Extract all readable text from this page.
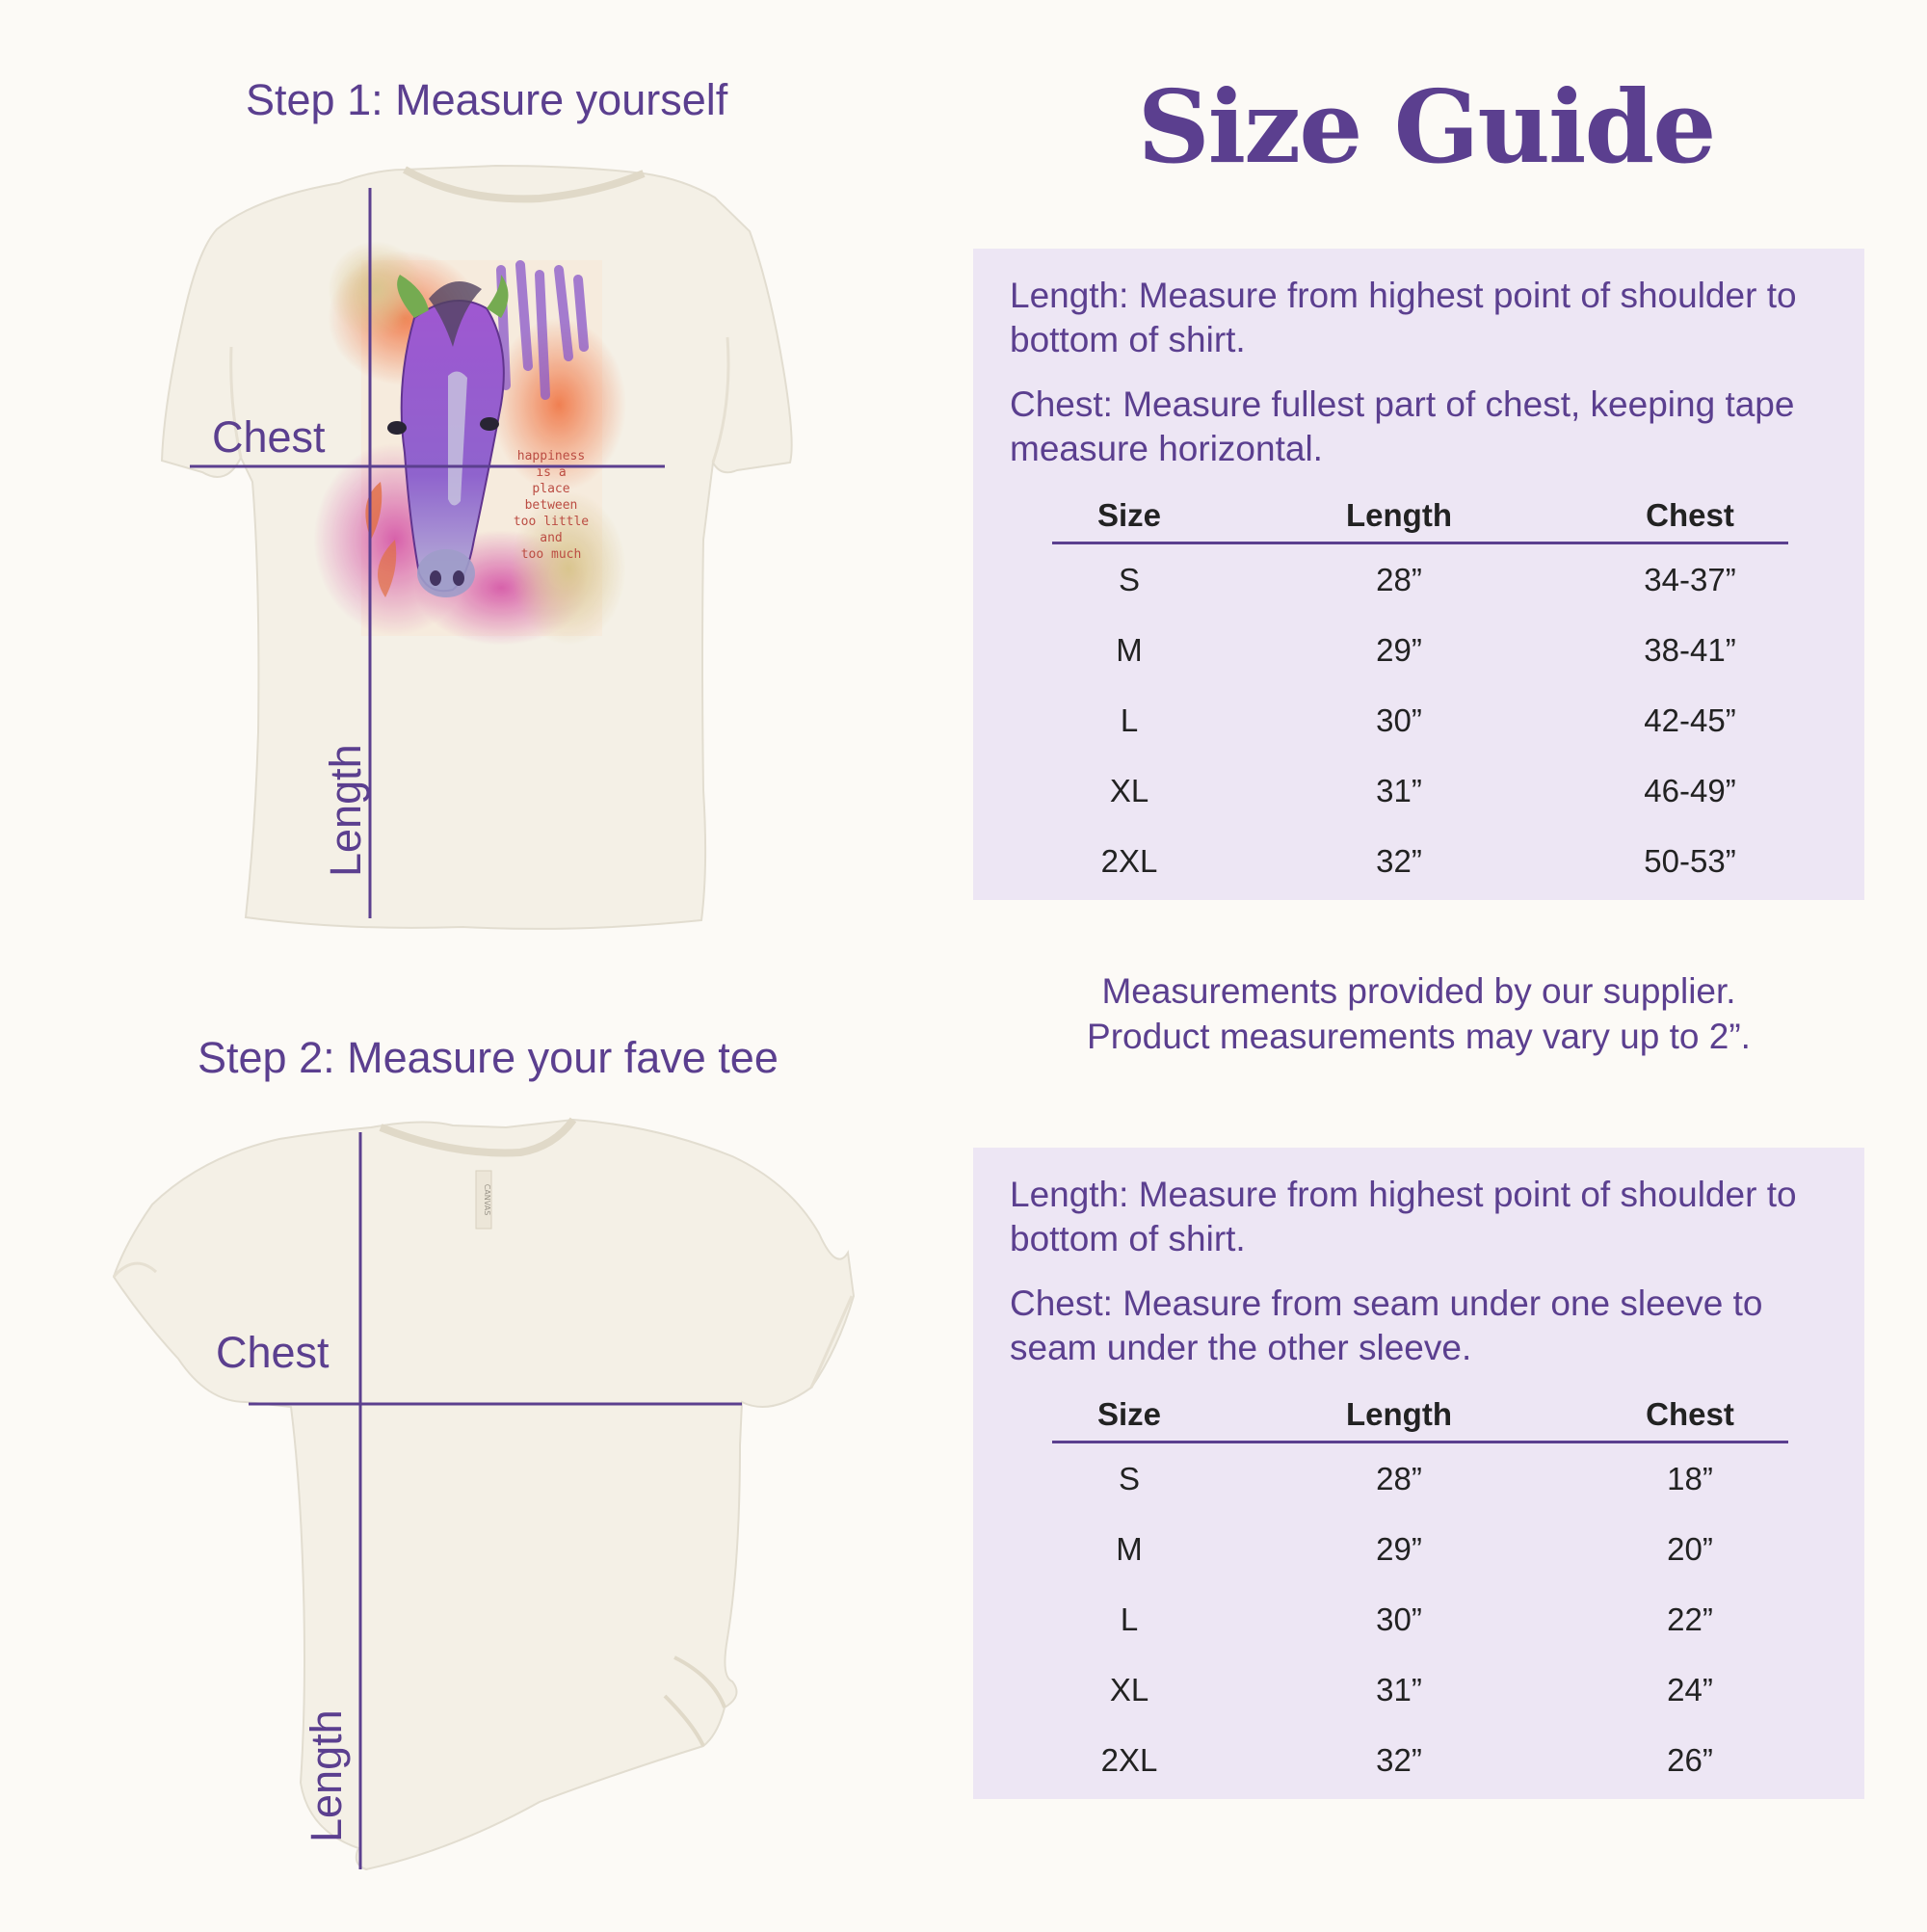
Step 1: Measure yourself
Step 2: Measure your fave tee
happiness
is a
place
between
too little
and
too much
Chest
Length
CANVAS
Chest
Length
Size Guide
Length: Measure from highest point of shoulder to bottom of shirt.
Chest: Measure fullest part of chest, keeping tape measure horizontal.
Size	Length	Chest
S	28”	34-37”
M	29”	38-41”
L	30”	42-45”
XL	31”	46-49”
2XL	32”	50-53”
Measurements provided by our supplier.
Product measurements may vary up to 2”.
Length: Measure from highest point of shoulder to bottom of shirt.
Chest: Measure from seam under one sleeve to seam under the other sleeve.
Size	Length	Chest
S	28”	18”
M	29”	20”
L	30”	22”
XL	31”	24”
2XL	32”	26”
